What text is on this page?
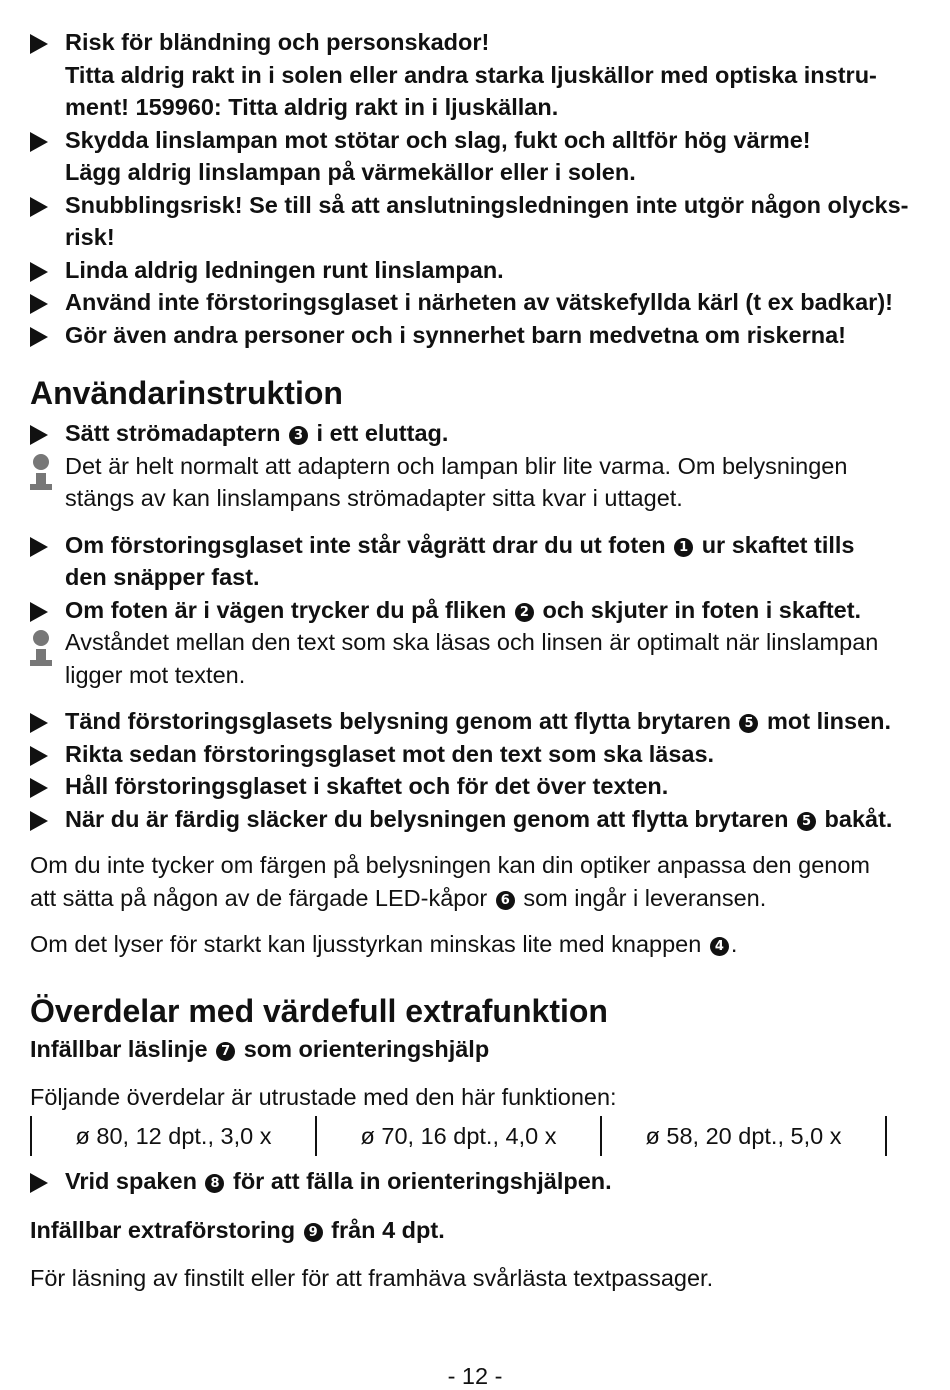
Risk för bländning och personskador!
Titta aldrig rakt in i solen eller andra starka ljuskällor med optiska instru-
ment! 159960: Titta aldrig rakt in i ljuskällan.
Skydda linslampan mot stötar och slag, fukt och alltför hög värme!
Lägg aldrig linslampan på värmekällor eller i solen.
Snubblingsrisk! Se till så att anslutningsledningen inte utgör någon olycks-
risk!
Linda aldrig ledningen runt linslampan.
Använd inte förstoringsglaset i närheten av vätskefyllda kärl (t ex badkar)!
Gör även andra personer och i synnerhet barn medvetna om riskerna!
Användarinstruktion
Sätt strömadaptern 3 i ett eluttag.
Det är helt normalt att adaptern och lampan blir lite varma. Om belysningen
stängs av kan linslampans strömadapter sitta kvar i uttaget.
Om förstoringsglaset inte står vågrätt drar du ut foten 1 ur skaftet tills
den snäpper fast.
Om foten är i vägen trycker du på fliken 2 och skjuter in foten i skaftet.
Avståndet mellan den text som ska läsas och linsen är optimalt när linslampan
ligger mot texten.
Tänd förstoringsglasets belysning genom att flytta brytaren 5 mot linsen.
Rikta sedan förstoringsglaset mot den text som ska läsas.
Håll förstoringsglaset i skaftet och för det över texten.
När du är färdig släcker du belysningen genom att flytta brytaren 5 bakåt.

Om du inte tycker om färgen på belysningen kan din optiker anpassa den genom
att sätta på någon av de färgade LED-kåpor 6 som ingår i leveransen.

Om det lyser för starkt kan ljusstyrkan minskas lite med knappen 4 .

Överdelar med värdefull extrafunktion
Infällbar läslinje 7 som orienteringshjälp

Följande överdelar är utrustade med den här funktionen:

ø 80, 12 dpt., 3,0 x	ø 70, 16 dpt., 4,0 x	ø 58, 20 dpt., 5,0 x
Vrid spaken 8 för att fälla in orienteringshjälpen.
Infällbar extraförstoring 9 från 4 dpt.

För läsning av finstilt eller för att framhäva svårlästa textpassager.

- 12 -
